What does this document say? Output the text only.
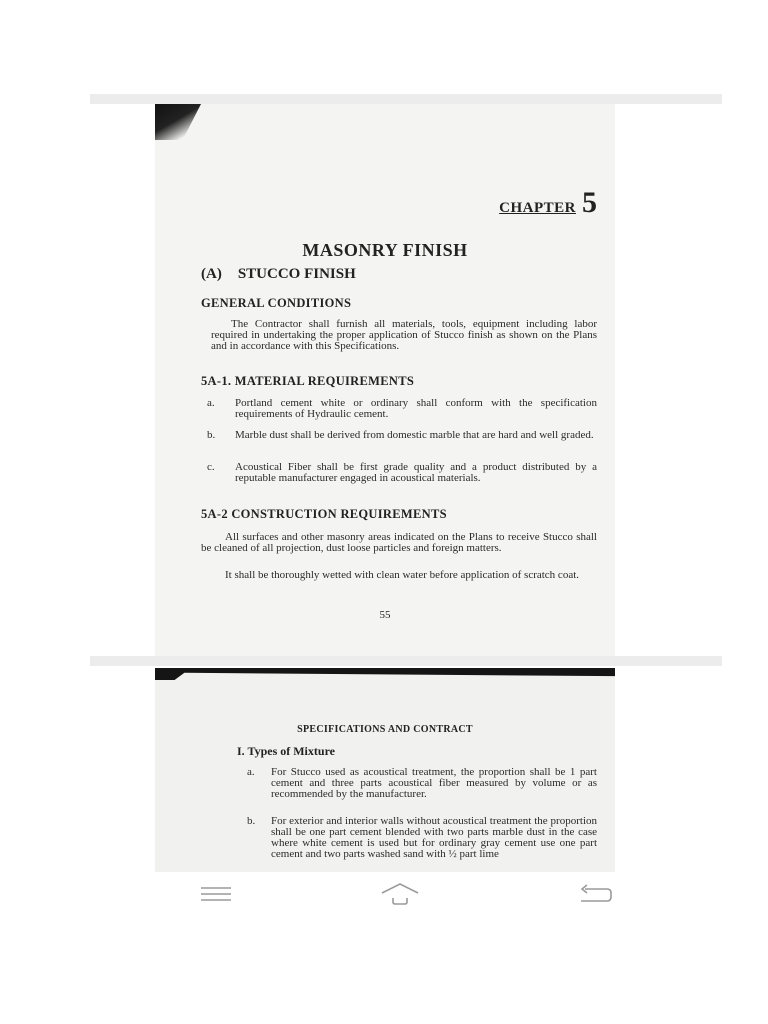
CHAPTER 5
MASONRY FINISH
(A) STUCCO FINISH
GENERAL CONDITIONS
The Contractor shall furnish all materials, tools, equipment including labor required in undertaking the proper application of Stucco finish as shown on the Plans and in accordance with this Specifications.
5A-1. MATERIAL REQUIREMENTS
a.	Portland cement white or ordinary shall conform with the specification requirements of Hydraulic cement.
b.	Marble dust shall be derived from domestic marble that are hard and well graded.
c.	Acoustical Fiber shall be first grade quality and a product distributed by a reputable manufacturer engaged in acoustical materials.
5A-2 CONSTRUCTION REQUIREMENTS
All surfaces and other masonry areas indicated on the Plans to receive Stucco shall be cleaned of all projection, dust loose particles and foreign matters.
It shall be thoroughly wetted with clean water before application of scratch coat.
55
SPECIFICATIONS AND CONTRACT
I. Types of Mixture
a.	For Stucco used as acoustical treatment, the proportion shall be 1 part cement and three parts acoustical fiber measured by volume or as recommended by the manufacturer.
b.	For exterior and interior walls without acoustical treatment the proportion shall be one part cement blended with two parts marble dust in the case where white cement is used but for ordinary gray cement use one part cement and two parts washed sand with ½ part lime
